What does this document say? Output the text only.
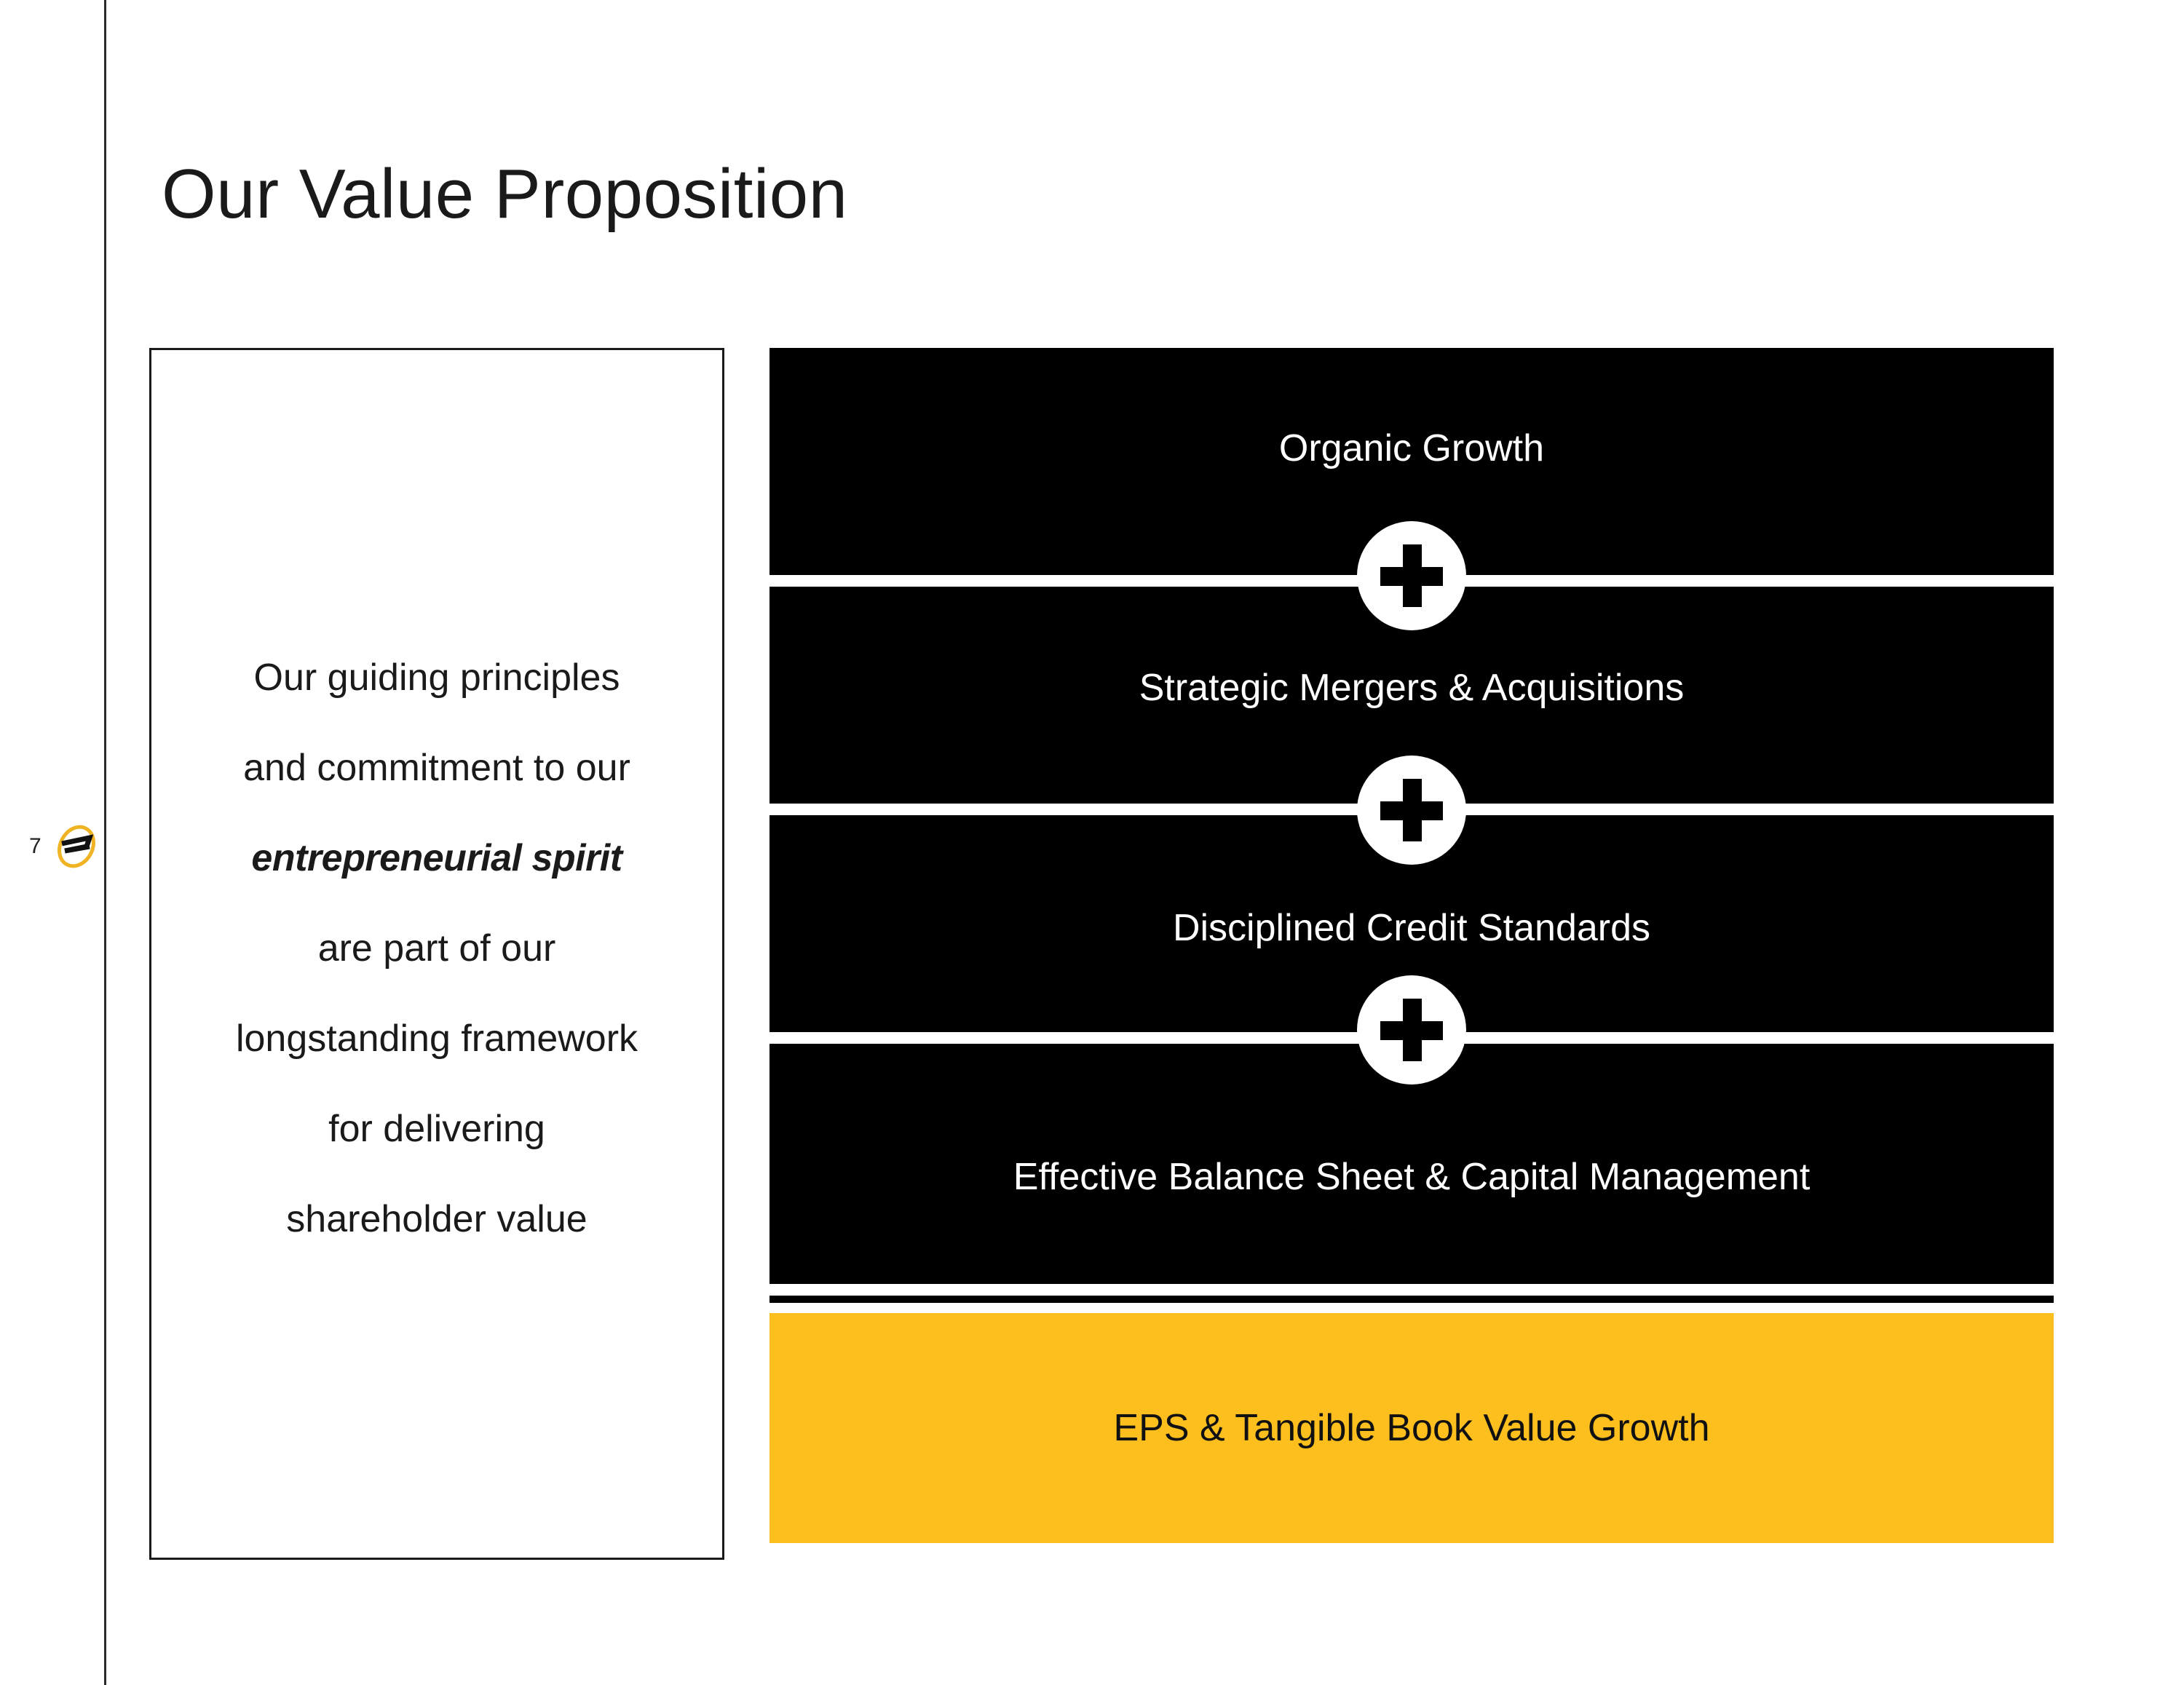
7
Our Value Proposition
Our guiding principles
and commitment to our
entrepreneurial spirit
are part of our
longstanding framework
for delivering
shareholder value
Organic Growth
Strategic Mergers & Acquisitions
Disciplined Credit Standards
Effective Balance Sheet & Capital Management
EPS & Tangible Book Value Growth
